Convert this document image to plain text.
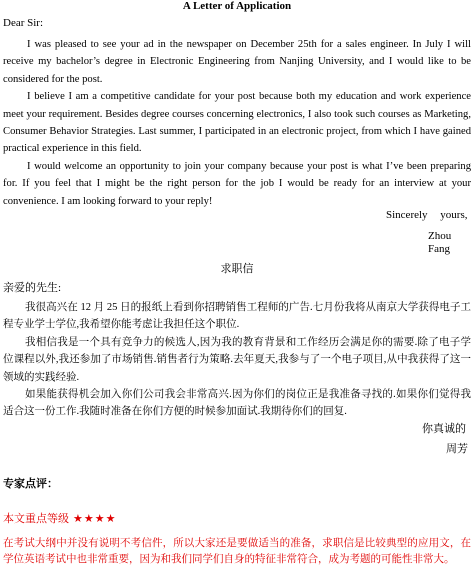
A Letter of Application
Dear Sir:

I was pleased to see your ad in the newspaper on December 25th for a sales engineer. In July I will receive my bachelor’s degree in Electronic Engineering from Nanjing University, and I would like to be considered for the post.

I believe I am a competitive candidate for your post because both my education and work experience meet your requirement. Besides degree courses concerning electronics, I also took such courses as Marketing, Consumer Behavior Strategies. Last summer, I participated in an electronic project, from which I have gained practical experience in this field.

I would welcome an opportunity to join your company because your post is what I’ve been preparing for. If you feel that I might be the right person for the job I would be ready for an interview at your convenience. I am looking forward to your reply!

Sincerely yours,
Zhou Fang
求职信
亲爱的先生:

我很高兴在 12 月 25 日的报纸上看到你招聘销售工程师的广告.七月份我将从南京大学获得电子工程专业学士学位,我希望你能考虑让我担任这个职位.

我相信我是一个具有竞争力的候选人,因为我的教育背景和工作经历会满足你的需要.除了电子学位课程以外,我还参加了市场销售.销售者行为策略.去年夏天,我参与了一个电子项目,从中我获得了这一领域的实践经验.

如果能获得机会加入你们公司我会非常高兴.因为你们的岗位正是我准备寻找的.如果你们觉得我适合这一份工作.我随时准备在你们方便的时候参加面试.我期待你们的回复.

你真诚的
周芳
专家点评：
本文重点等级 ★★★★
在考试大纲中并没有说明不考信件，所以大家还是要做适当的准备，求职信是比较典型的应用文，在学位英语考试中也非常重要，因为和我们同学们自身的特征非常符合，成为考题的可能性非常大。
